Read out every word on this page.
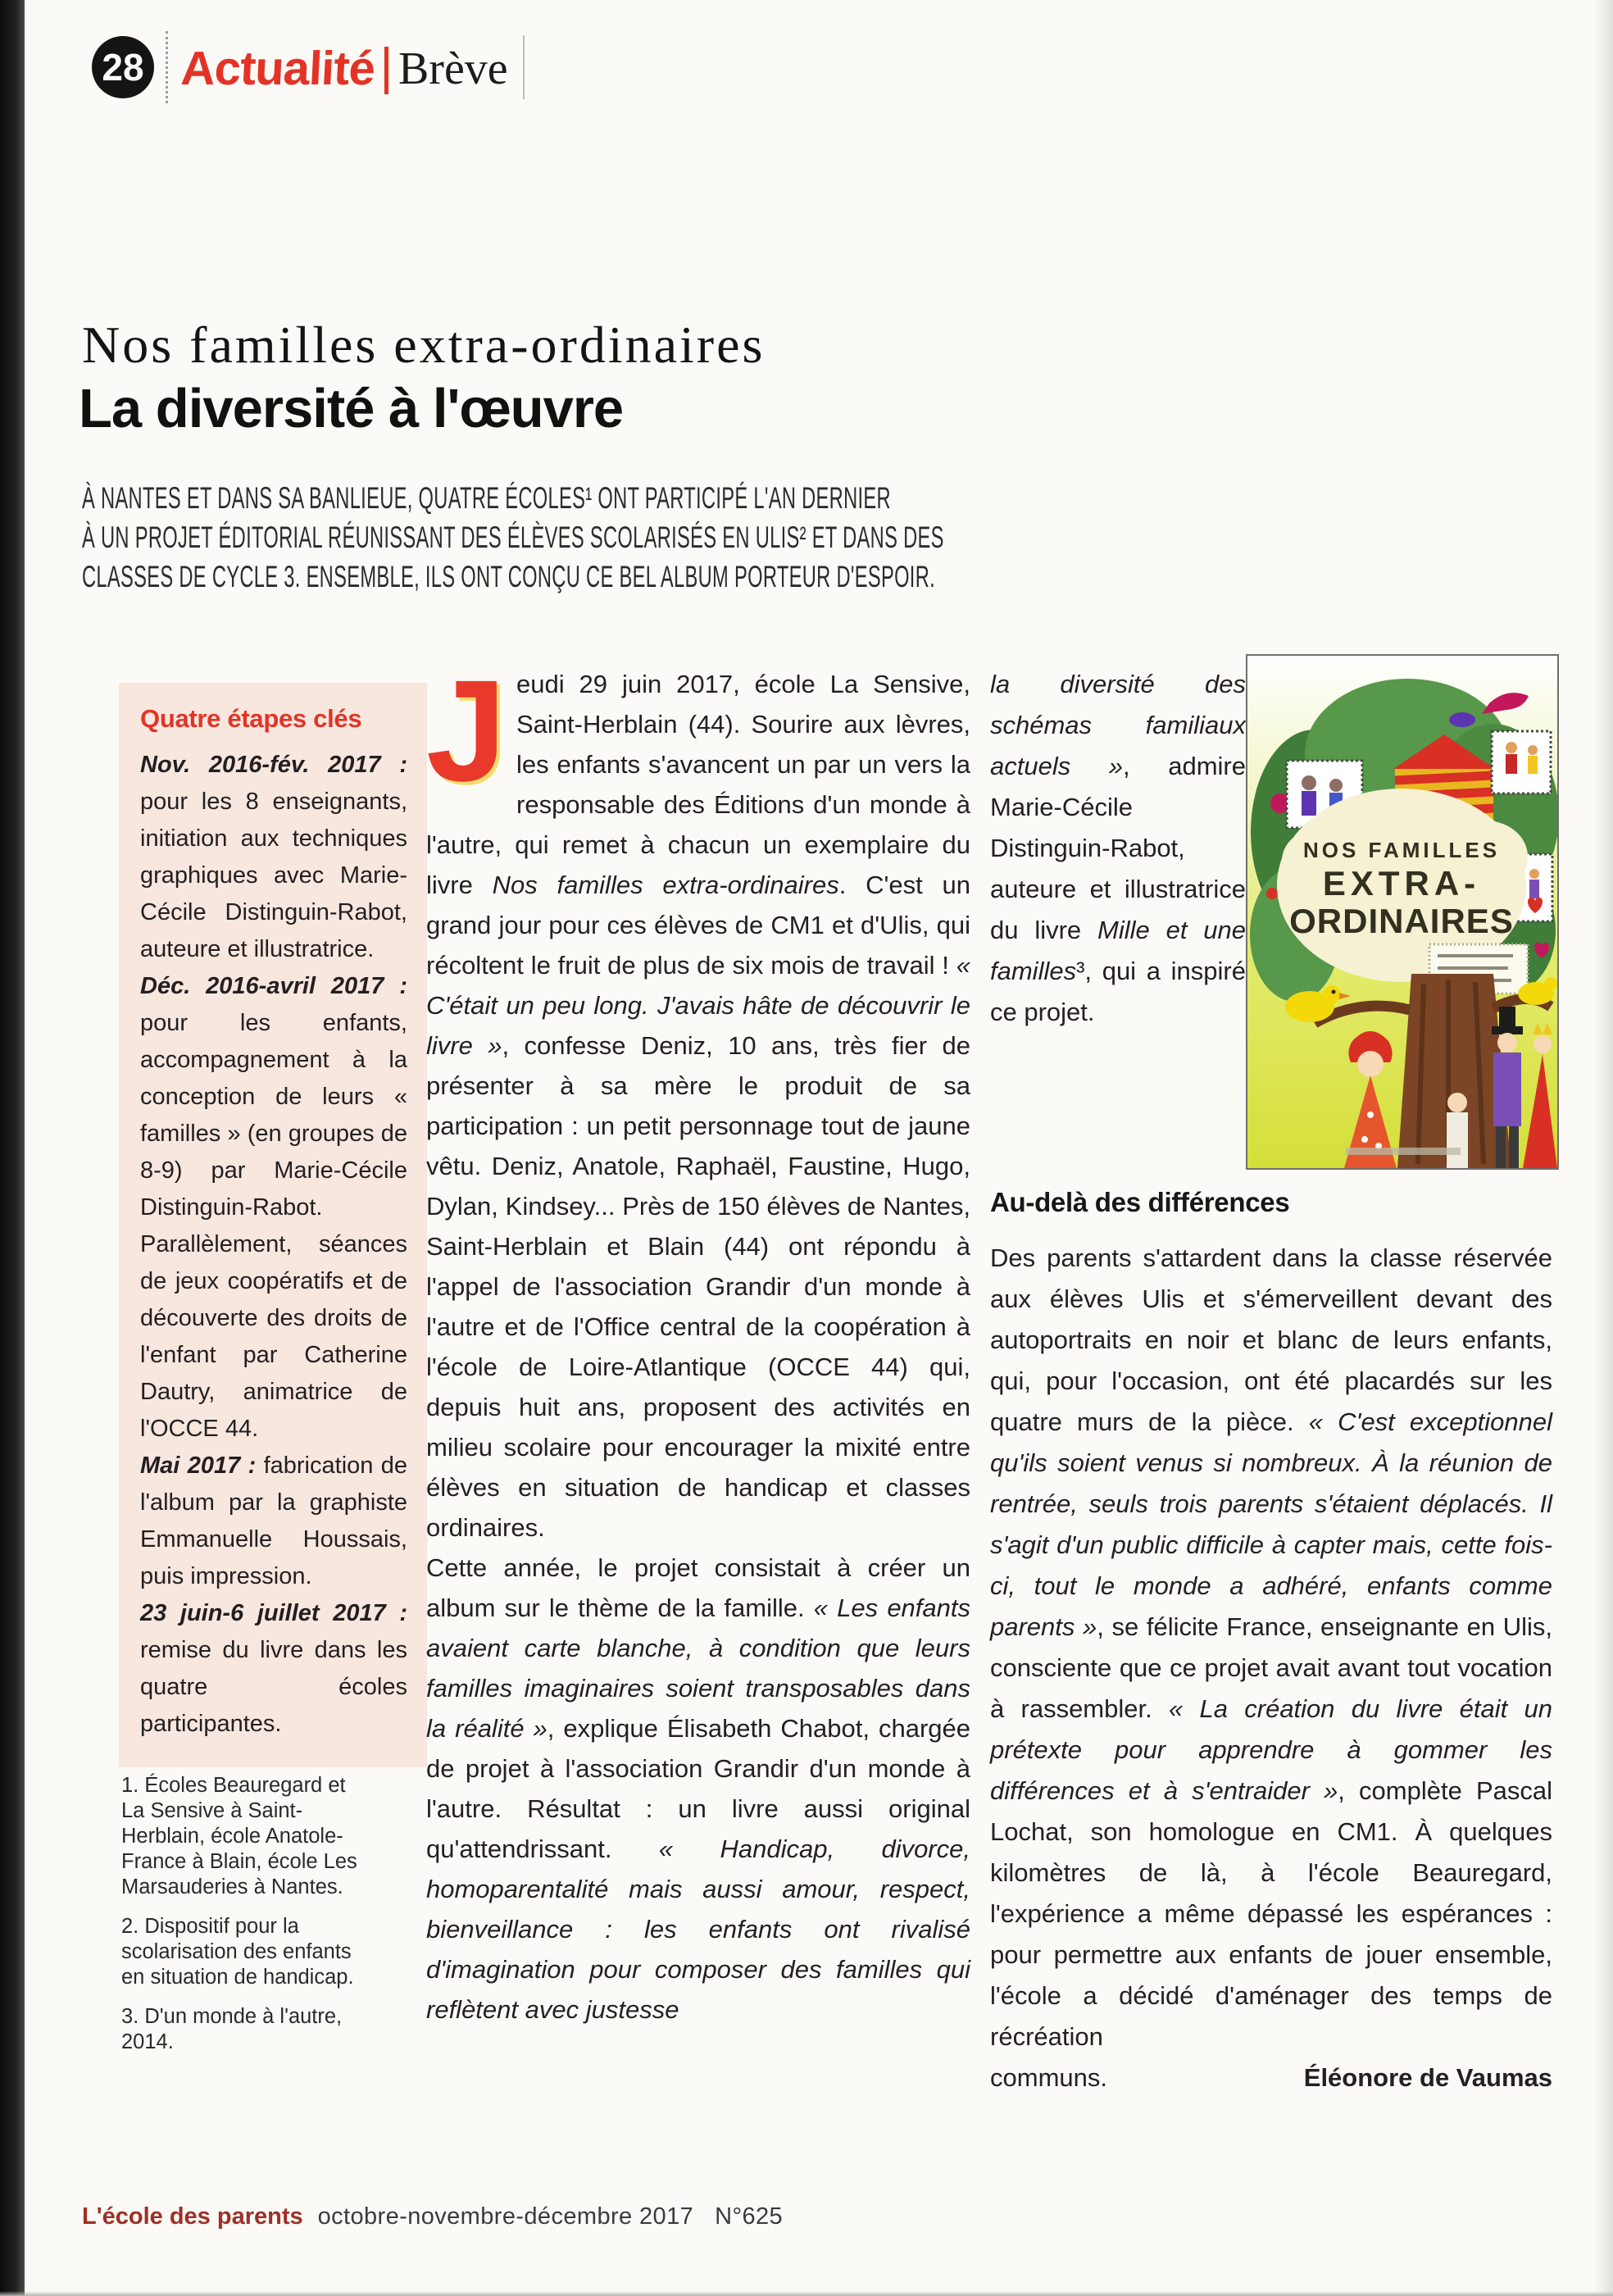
28 Actualité Brève
Nos familles extra-ordinaires
La diversité à l'œuvre
À NANTES ET DANS SA BANLIEUE, QUATRE ÉCOLES¹ ONT PARTICIPÉ L'AN DERNIER
À UN PROJET ÉDITORIAL RÉUNISSANT DES ÉLÈVES SCOLARISÉS EN ULIS² ET DANS DES
CLASSES DE CYCLE 3. ENSEMBLE, ILS ONT CONÇU CE BEL ALBUM PORTEUR D'ESPOIR.
Quatre étapes clés

Nov. 2016-fév. 2017 : pour les 8 enseignants, initiation aux techniques graphiques avec Marie-Cécile Distinguin-Rabot, auteure et illustratrice.

Déc. 2016-avril 2017 : pour les enfants, accompagnement à la conception de leurs « familles » (en groupes de 8-9) par Marie-Cécile Distinguin-Rabot. Parallèlement, séances de jeux coopératifs et de découverte des droits de l'enfant par Catherine Dautry, animatrice de l'OCCE 44.

Mai 2017 : fabrication de l'album par la graphiste Emmanuelle Houssais, puis impression.

23 juin-6 juillet 2017 : remise du livre dans les quatre écoles participantes.

1. Écoles Beauregard et La Sensive à Saint-Herblain, école Anatole-France à Blain, école Les Marsauderies à Nantes.

2. Dispositif pour la scolarisation des enfants en situation de handicap.

3. D'un monde à l'autre, 2014.

J eudi 29 juin 2017, école La Sensive, Saint-Herblain (44). Sourire aux lèvres, les enfants s'avancent un par un vers la responsable des Éditions d'un monde à l'autre, qui remet à chacun un exemplaire du livre Nos familles extra-ordinaires. C'est un grand jour pour ces élèves de CM1 et d'Ulis, qui récoltent le fruit de plus de six mois de travail ! « C'était un peu long. J'avais hâte de découvrir le livre », confesse Deniz, 10 ans, très fier de présenter à sa mère le produit de sa participation : un petit personnage tout de jaune vêtu. Deniz, Anatole, Raphaël, Faustine, Hugo, Dylan, Kindsey... Près de 150 élèves de Nantes, Saint-Herblain et Blain (44) ont répondu à l'appel de l'association Grandir d'un monde à l'autre et de l'Office central de la coopération à l'école de Loire-Atlantique (OCCE 44) qui, depuis huit ans, proposent des activités en milieu scolaire pour encourager la mixité entre élèves en situation de handicap et classes ordinaires.

Cette année, le projet consistait à créer un album sur le thème de la famille. « Les enfants avaient carte blanche, à condition que leurs familles imaginaires soient transposables dans la réalité », explique Élisabeth Chabot, chargée de projet à l'association Grandir d'un monde à l'autre. Résultat : un livre aussi original qu'attendrissant. « Handicap, divorce, homoparentalité mais aussi amour, respect, bienveillance : les enfants ont rivalisé d'imagination pour composer des familles qui reflètent avec justesse

la diversité des schémas familiaux actuels », admire Marie-Cécile Distinguin-Rabot, auteure et illustratrice du livre Mille et une familles³, qui a inspiré ce projet.

Au-delà des différences

Des parents s'attardent dans la classe réservée aux élèves Ulis et s'émerveillent devant des autoportraits en noir et blanc de leurs enfants, qui, pour l'occasion, ont été placardés sur les quatre murs de la pièce. « C'est exceptionnel qu'ils soient venus si nombreux. À la réunion de rentrée, seuls trois parents s'étaient déplacés. Il s'agit d'un public difficile à capter mais, cette fois-ci, tout le monde a adhéré, enfants comme parents », se félicite France, enseignante en Ulis, consciente que ce projet avait avant tout vocation à rassembler. « La création du livre était un prétexte pour apprendre à gommer les différences et à s'entraider », complète Pascal Lochat, son homologue en CM1. À quelques kilomètres de là, à l'école Beauregard, l'expérience a même dépassé les espérances : pour permettre aux enfants de jouer ensemble, l'école a décidé d'aménager des temps de récréation

communs.	Éléonore de Vaumas
NOS FAMILLES
EXTRA-
ORDINAIRES
L'école des parents octobre-novembre-décembre 2017 N°625
